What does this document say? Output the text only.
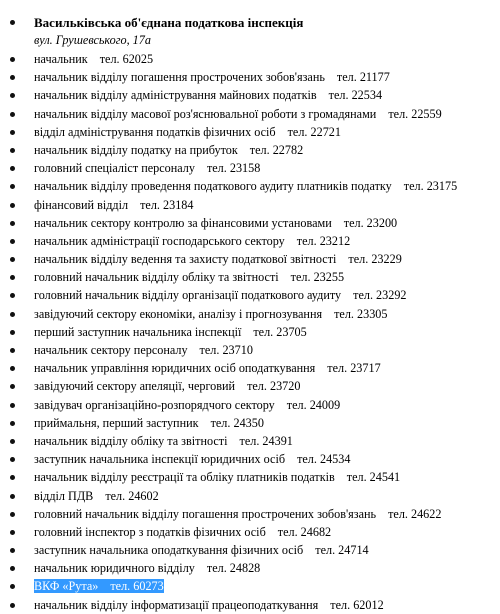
Васильківська об'єднана податкова інспекція
вул. Грушевського, 17а
начальник тел. 62025
начальник відділу погашення прострочених зобов'язань тел. 21177
начальник відділу адміністрування майнових податків тел. 22534
начальник відділу масової роз'яснювальної роботи з громадянами тел. 22559
відділ адміністрування податків фізичних осіб тел. 22721
начальник відділу податку на прибуток тел. 22782
головний спеціаліст персоналу тел. 23158
начальник відділу проведення податкового аудиту платників податку тел. 23175
фінансовий відділ тел. 23184
начальник сектору контролю за фінансовими установами тел. 23200
начальник адміністрації господарського сектору тел. 23212
начальник відділу ведення та захисту податкової звітності тел. 23229
головний начальник відділу обліку та звітності тел. 23255
головний начальник відділу організації податкового аудиту тел. 23292
завідуючий сектору економіки, аналізу і прогнозування тел. 23305
перший заступник начальника інспекції тел. 23705
начальник сектору персоналу тел. 23710
начальник управління юридичних осіб оподаткування тел. 23717
завідуючий сектору апеляції, черговий тел. 23720
завідувач організаційно-розпорядчого сектору тел. 24009
приймальня, перший заступник тел. 24350
начальник відділу обліку та звітності тел. 24391
заступник начальника інспекції юридичних осіб тел. 24534
начальник відділу реєстрації та обліку платників податків тел. 24541
відділ ПДВ тел. 24602
головний начальник відділу погашення прострочених зобов'язань тел. 24622
головний інспектор з податків фізичних осіб тел. 24682
заступник начальника оподаткування фізичних осіб тел. 24714
начальник юридичного відділу тел. 24828
ВКФ «Рута» тел. 60273
начальник відділу інформатизації працеоподаткування тел. 62012
